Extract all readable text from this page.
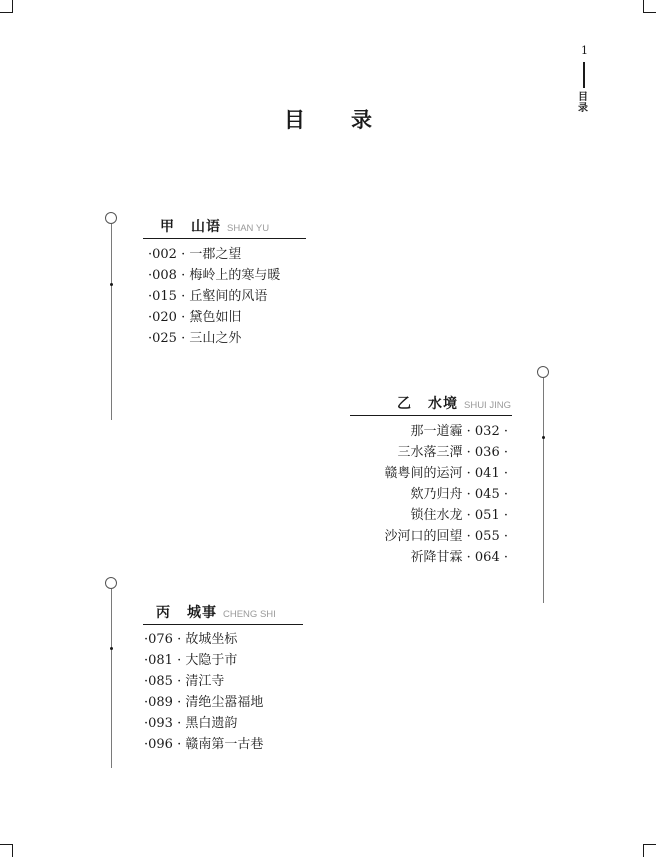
1
目录
目录
甲 山语 SHAN YU
·002 · 一郡之望
·008 · 梅岭上的寒与暖
·015 · 丘壑间的风语
·020 · 黛色如旧
·025 · 三山之外
乙 水境 SHUI JING
那一道霾 · 032 ·
三水落三潭 · 036 ·
赣粤间的运河 · 041 ·
欸乃归舟 · 045 ·
锁住水龙 · 051 ·
沙河口的回望 · 055 ·
祈降甘霖 · 064 ·
丙 城事 CHENG SHI
·076 · 故城坐标
·081 · 大隐于市
·085 · 清江寺
·089 · 清绝尘嚣福地
·093 · 黑白遗韵
·096 · 赣南第一古巷
